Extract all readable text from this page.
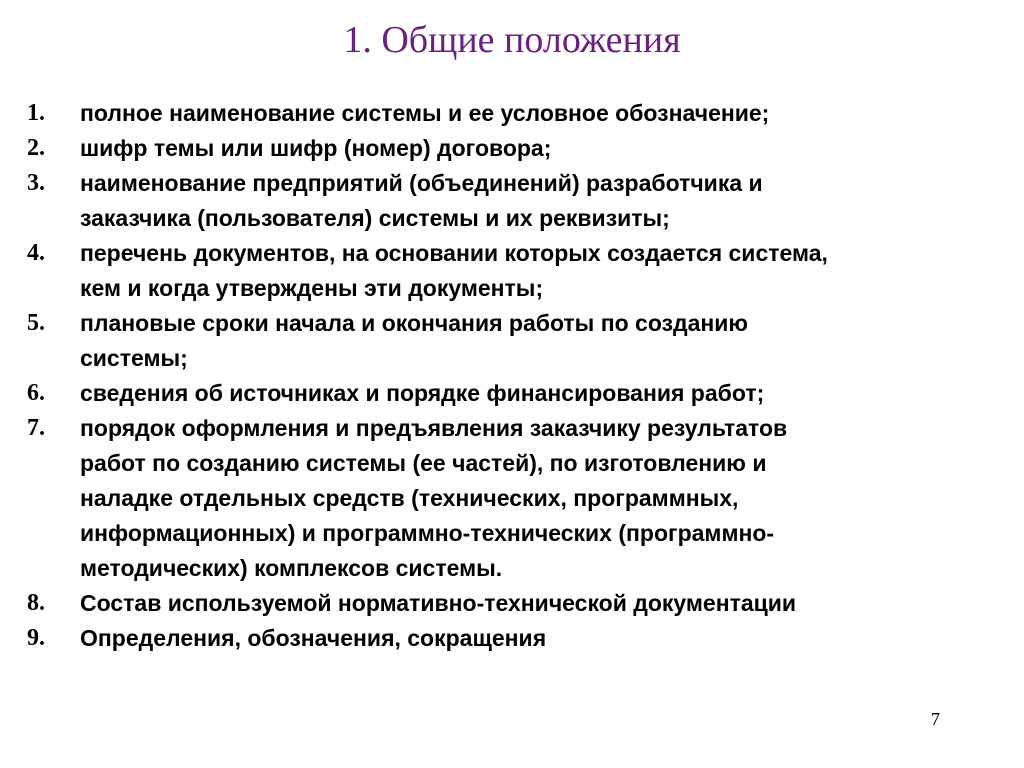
1. Общие положения
1.	полное наименование системы и ее условное обозначение;
2.	шифр темы или шифр (номер) договора;
3.	наименование предприятий (объединений) разработчика и
заказчика (пользователя) системы и их реквизиты;
4.	перечень документов, на основании которых создается система,
кем и когда утверждены эти документы;
5.	плановые сроки начала и окончания работы по созданию
системы;
6.	сведения об источниках и порядке финансирования работ;
7.	порядок оформления и предъявления заказчику результатов
работ по созданию системы (ее частей), по изготовлению и
наладке отдельных средств (технических, программных,
информационных) и программно-технических (программно-
методических) комплексов системы.
8.	Состав используемой нормативно-технической документации
9.	Определения, обозначения, сокращения
7
